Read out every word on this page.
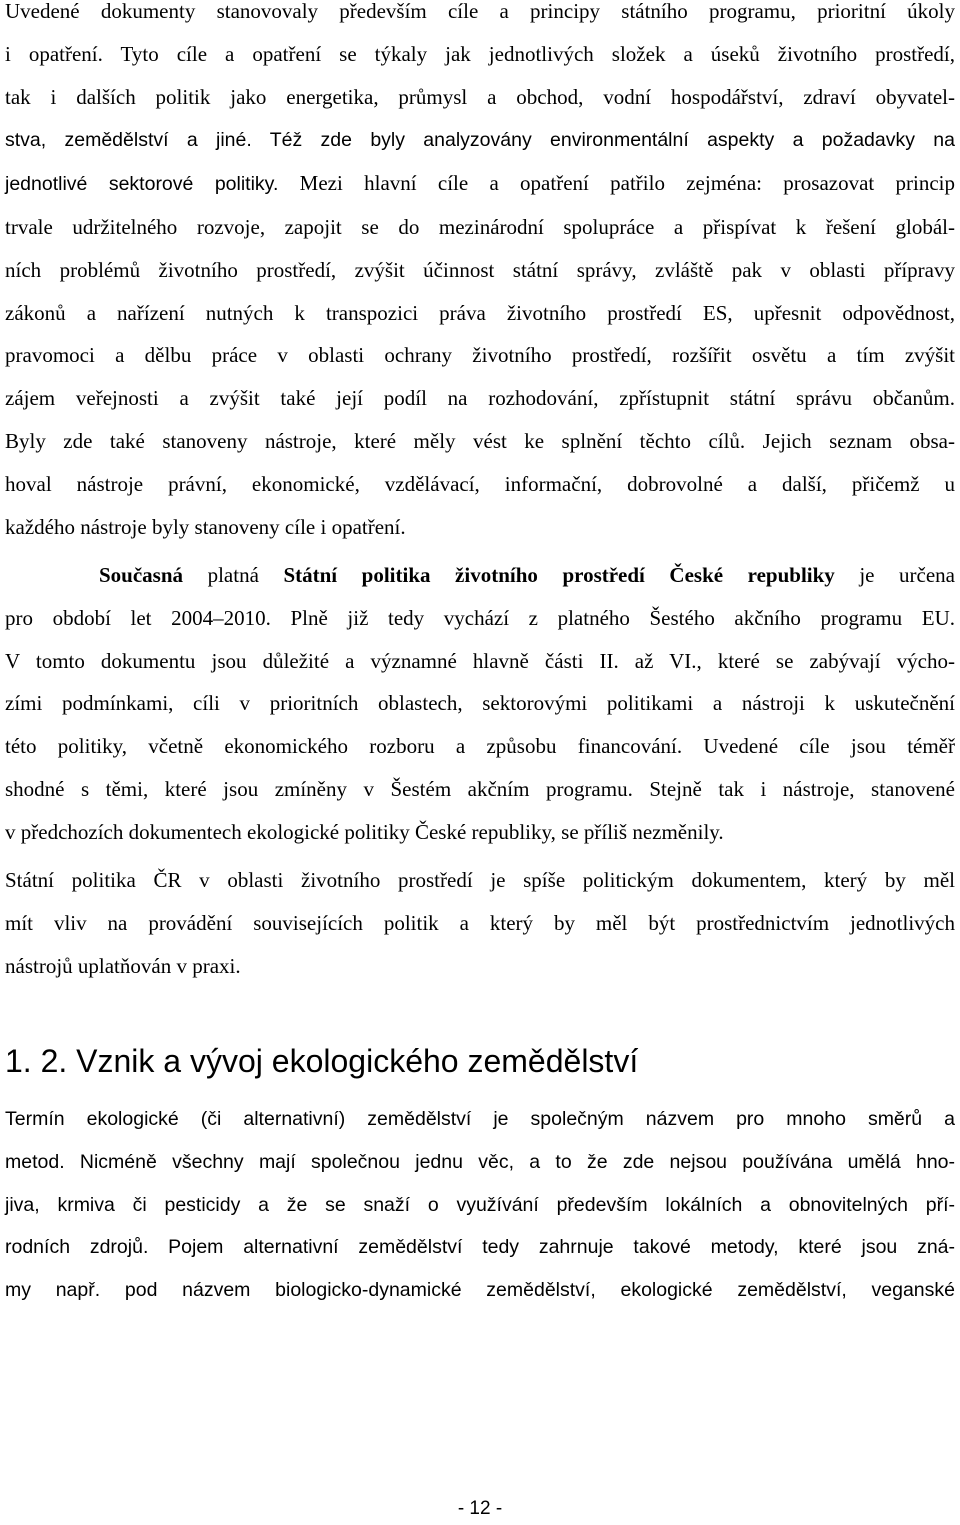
Uvedené dokumenty stanovovaly především cíle a principy státního programu, prioritní úkoly
i opatření. Tyto cíle a opatření se týkaly jak jednotlivých složek a úseků životního prostředí,
tak i dalších politik jako energetika, průmysl a obchod, vodní hospodářství, zdraví obyvatel-
stva, zemědělství a jiné. Též zde byly analyzovány environmentální aspekty a požadavky na
jednotlivé sektorové politiky. Mezi hlavní cíle a opatření patřilo zejména: prosazovat princip
trvale udržitelného rozvoje, zapojit se do mezinárodní spolupráce a přispívat k řešení globál-
ních problémů životního prostředí, zvýšit účinnost státní správy, zvláště pak v oblasti přípravy
zákonů a nařízení nutných k transpozici práva životního prostředí ES, upřesnit odpovědnost,
pravomoci a dělbu práce v oblasti ochrany životního prostředí, rozšířit osvětu a tím zvýšit
zájem veřejnosti a zvýšit také její podíl na rozhodování, zpřístupnit státní správu občanům.
Byly zde také stanoveny nástroje, které měly vést ke splnění těchto cílů. Jejich seznam obsa-
hoval nástroje právní, ekonomické, vzdělávací, informační, dobrovolné a další, přičemž u
každého nástroje byly stanoveny cíle i opatření.
Současná platná Státní politika životního prostředí České republiky je určena
pro období let 2004–2010. Plně již tedy vychází z platného Šestého akčního programu EU.
V tomto dokumentu jsou důležité a významné hlavně části II. až VI., které se zabývají výcho-
zími podmínkami, cíli v prioritních oblastech, sektorovými politikami a nástroji k uskutečnění
této politiky, včetně ekonomického rozboru a způsobu financování. Uvedené cíle jsou téměř
shodné s těmi, které jsou zmíněny v Šestém akčním programu. Stejně tak i nástroje, stanovené
v předchozích dokumentech ekologické politiky České republiky, se příliš nezměnily.
Státní politika ČR v oblasti životního prostředí je spíše politickým dokumentem, který by měl
mít vliv na provádění souvisejících politik a který by měl být prostřednictvím jednotlivých
nástrojů uplatňován v praxi.
1. 2. Vznik a vývoj ekologického zemědělství
Termín ekologické (či alternativní) zemědělství je společným názvem pro mnoho směrů a
metod. Nicméně všechny mají společnou jednu věc, a to že zde nejsou používána umělá hno-
jiva, krmiva či pesticidy a že se snaží o využívání především lokálních a obnovitelných pří-
rodních zdrojů. Pojem alternativní zemědělství tedy zahrnuje takové metody, které jsou zná-
my např. pod názvem biologicko-dynamické zemědělství, ekologické zemědělství, veganské
- 12 -
